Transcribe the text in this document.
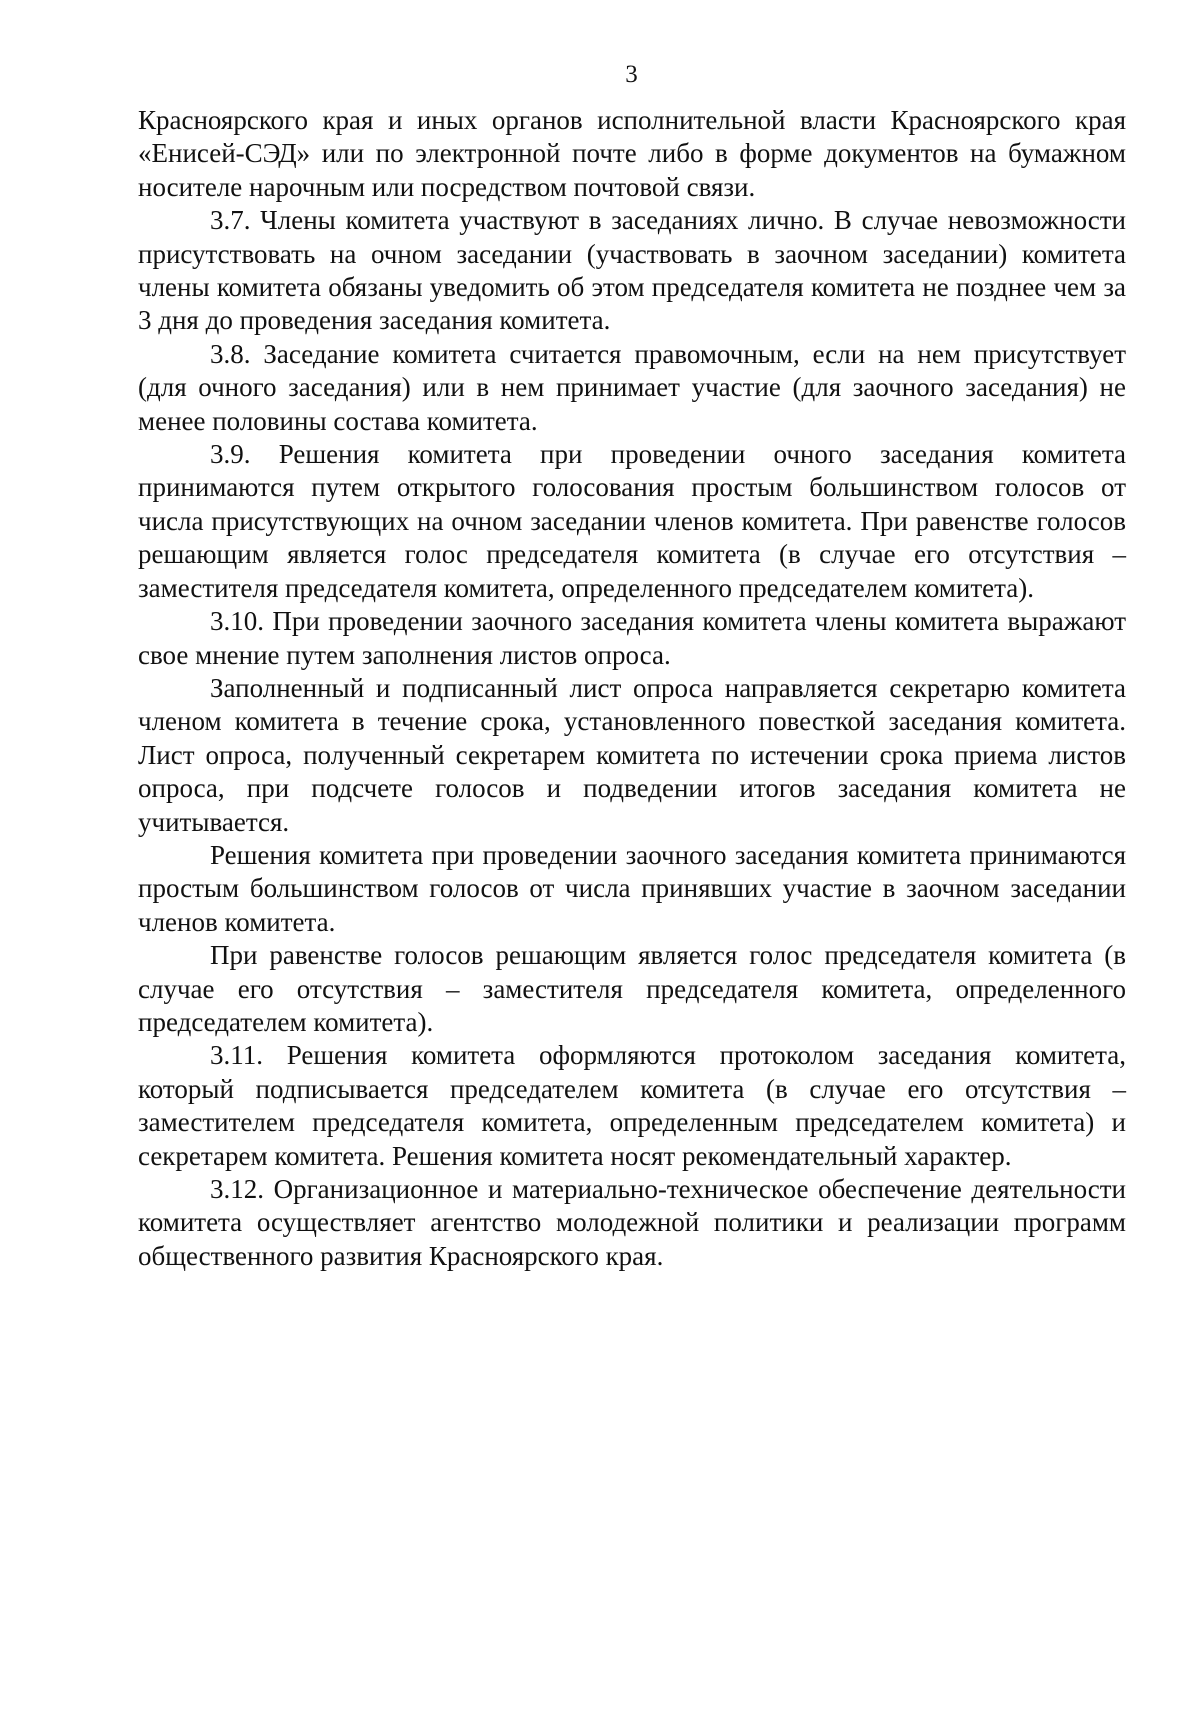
3

Красноярского края и иных органов исполнительной власти Красноярского края «Енисей-СЭД» или по электронной почте либо в форме документов на бумажном носителе нарочным или посредством почтовой связи.

3.7. Члены комитета участвуют в заседаниях лично. В случае невозможности присутствовать на очном заседании (участвовать в заочном заседании) комитета члены комитета обязаны уведомить об этом председателя комитета не позднее чем за 3 дня до проведения заседания комитета.

3.8. Заседание комитета считается правомочным, если на нем присутствует (для очного заседания) или в нем принимает участие (для заочного заседания) не менее половины состава комитета.

3.9. Решения комитета при проведении очного заседания комитета принимаются путем открытого голосования простым большинством голосов от числа присутствующих на очном заседании членов комитета. При равенстве голосов решающим является голос председателя комитета (в случае его отсутствия – заместителя председателя комитета, определенного председателем комитета).

3.10. При проведении заочного заседания комитета члены комитета выражают свое мнение путем заполнения листов опроса.

Заполненный и подписанный лист опроса направляется секретарю комитета членом комитета в течение срока, установленного повесткой заседания комитета. Лист опроса, полученный секретарем комитета по истечении срока приема листов опроса, при подсчете голосов и подведении итогов заседания комитета не учитывается.

Решения комитета при проведении заочного заседания комитета принимаются простым большинством голосов от числа принявших участие в заочном заседании членов комитета.

При равенстве голосов решающим является голос председателя комитета (в случае его отсутствия – заместителя председателя комитета, определенного председателем комитета).

3.11. Решения комитета оформляются протоколом заседания комитета, который подписывается председателем комитета (в случае его отсутствия – заместителем председателя комитета, определенным председателем комитета) и секретарем комитета. Решения комитета носят рекомендательный характер.

3.12. Организационное и материально-техническое обеспечение деятельности комитета осуществляет агентство молодежной политики и реализации программ общественного развития Красноярского края.
